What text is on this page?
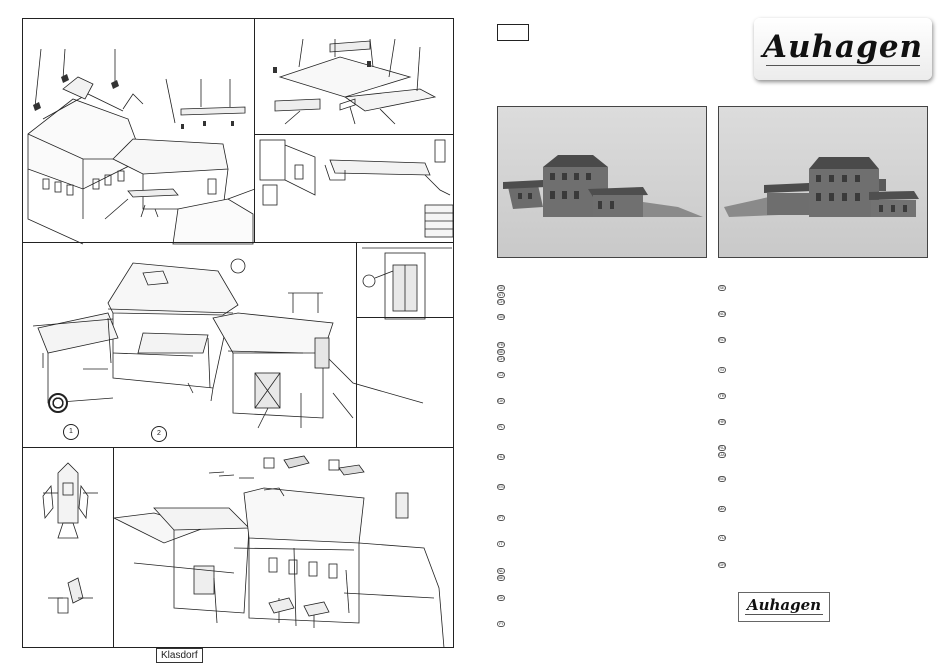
Klasdorf
1	2
Auhagen
DE
AT
CH
GB
FR
BE
CH
CZ
DK
PL
HU
ES
PT
IT
NL
BE
DK
FI
SE
NO
RO
SI
TR
HR
RU
UA
BG
MK
YU
GR
Auhagen
